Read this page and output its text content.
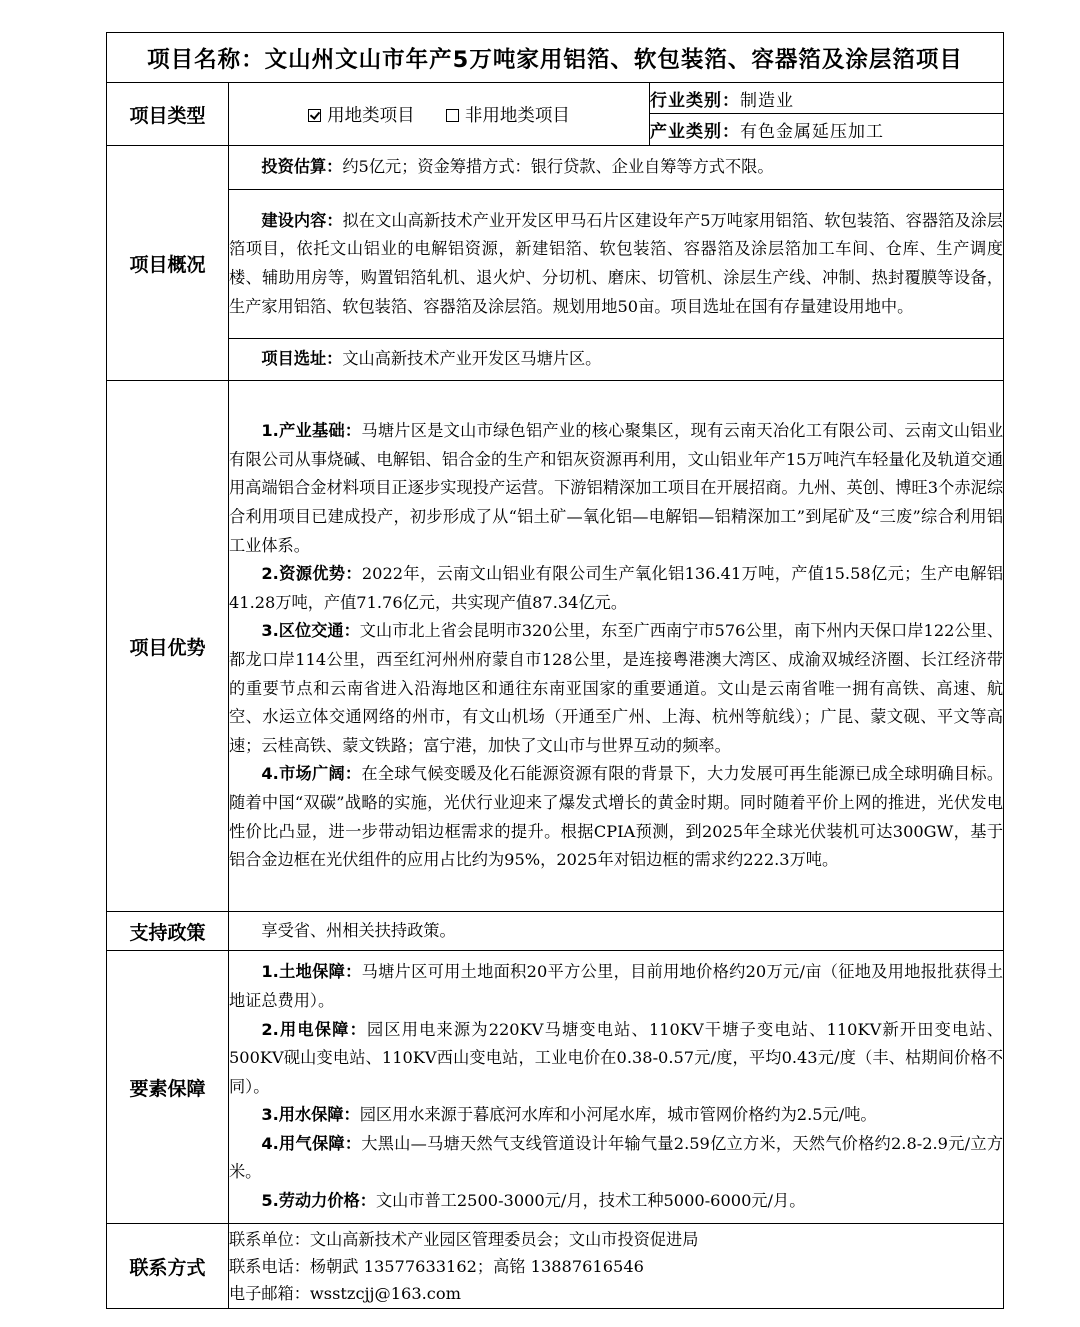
项目名称：文山州文山市年产5万吨家用铝箔、软包装箔、容器箔及涂层箔项目		
项目类型	用地类项目 非用地类项目	行业类别：制造业
		产业类别：有色金属延压加工
项目概况	投资估算：约5亿元；资金筹措方式：银行贷款、企业自筹等方式不限。	

	建设内容：拟在文山高新技术产业开发区甲马石片区建设年产5万吨家用铝箔、软包装箔、容器箔及涂层箔项目，依托文山铝业的电解铝资源，新建铝箔、软包装箔、容器箔及涂层箔加工车间、仓库、生产调度楼、辅助用房等，购置铝箔轧机、退火炉、分切机、磨床、切管机、涂层生产线、冲制、热封覆膜等设备，生产家用铝箔、软包装箔、容器箔及涂层箔。规划用地50亩。项目选址在国有存量建设用地中。	

	项目选址：文山高新技术产业开发区马塘片区。	

项目优势	1.产业基础：马塘片区是文山市绿色铝产业的核心聚集区，现有云南天冶化工有限公司、云南文山铝业有限公司从事烧碱、电解铝、铝合金的生产和铝灰资源再利用，文山铝业年产15万吨汽车轻量化及轨道交通用高端铝合金材料项目正逐步实现投产运营。下游铝精深加工项目在开展招商。九州、英创、博旺3个赤泥综合利用项目已建成投产，初步形成了从“铝土矿—氧化铝—电解铝—铝精深加工”到尾矿及“三废”综合利用铝工业体系。

2.资源优势：2022年，云南文山铝业有限公司生产氧化铝136.41万吨，产值15.58亿元；生产电解铝41.28万吨，产值71.76亿元，共实现产值87.34亿元。

3.区位交通：文山市北上省会昆明市320公里，东至广西南宁市576公里，南下州内天保口岸122公里、都龙口岸114公里，西至红河州州府蒙自市128公里，是连接粤港澳大湾区、成渝双城经济圈、长江经济带的重要节点和云南省进入沿海地区和通往东南亚国家的重要通道。文山是云南省唯一拥有高铁、高速、航空、水运立体交通网络的州市，有文山机场（开通至广州、上海、杭州等航线）；广昆、蒙文砚、平文等高速；云桂高铁、蒙文铁路；富宁港，加快了文山市与世界互动的频率。

4.市场广阔：在全球气候变暖及化石能源资源有限的背景下，大力发展可再生能源已成全球明确目标。随着中国“双碳”战略的实施，光伏行业迎来了爆发式增长的黄金时期。同时随着平价上网的推进，光伏发电性价比凸显，进一步带动铝边框需求的提升。根据CPIA预测，到2025年全球光伏装机可达300GW，基于铝合金边框在光伏组件的应用占比约为95%，2025年对铝边框的需求约222.3万吨。	

支持政策	享受省、州相关扶持政策。	

要素保障	1.土地保障：马塘片区可用土地面积20平方公里，目前用地价格约20万元/亩（征地及用地报批获得土地证总费用）。

2.用电保障：园区用电来源为220KV马塘变电站、110KV干塘子变电站、110KV新开田变电站、500KV砚山变电站、110KV西山变电站，工业电价在0.38-0.57元/度，平均0.43元/度（丰、枯期间价格不同）。

3.用水保障：园区用水来源于暮底河水库和小河尾水库，城市管网价格约为2.5元/吨。

4.用气保障：大黑山—马塘天然气支线管道设计年输气量2.59亿立方米，天然气价格约2.8-2.9元/立方米。

5.劳动力价格：文山市普工2500-3000元/月，技术工种5000-6000元/月。	

联系方式	联系单位：文山高新技术产业园区管理委员会；文山市投资促进局
联系电话：杨朝武 13577633162；高铭 13887616546
电子邮箱：wsstzcjj@163.com	
